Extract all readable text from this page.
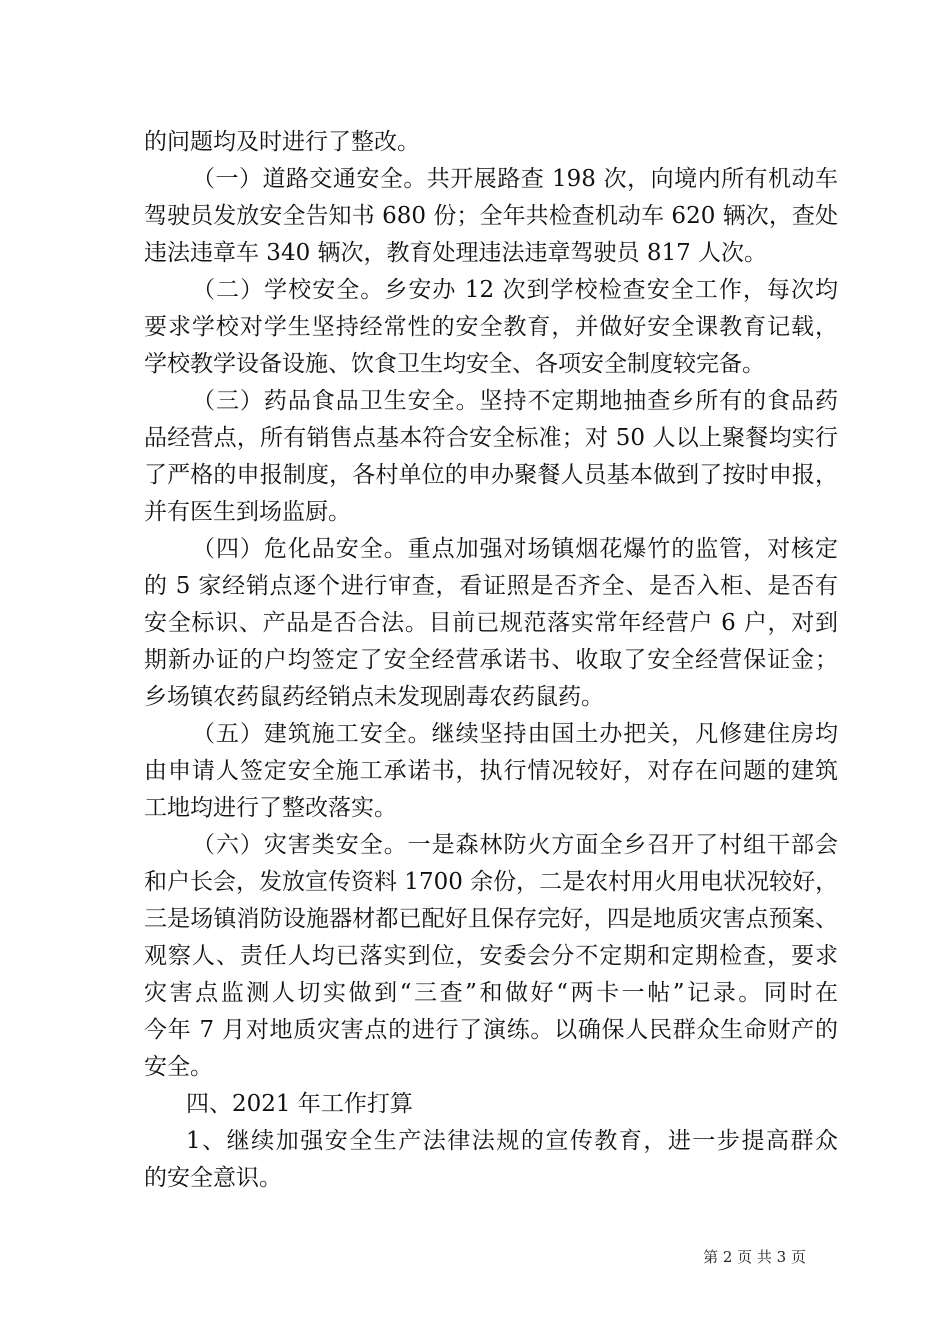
的问题均及时进行了整改。
（一）道路交通安全。共开展路查 198 次，向境内所有机动车
驾驶员发放安全告知书 680 份；全年共检查机动车 620 辆次，查处
违法违章车 340 辆次，教育处理违法违章驾驶员 817 人次。
（二）学校安全。乡安办 12 次到学校检查安全工作，每次均
要求学校对学生坚持经常性的安全教育，并做好安全课教育记载，
学校教学设备设施、饮食卫生均安全、各项安全制度较完备。
（三）药品食品卫生安全。坚持不定期地抽查乡所有的食品药
品经营点，所有销售点基本符合安全标准；对 50 人以上聚餐均实行
了严格的申报制度，各村单位的申办聚餐人员基本做到了按时申报，
并有医生到场监厨。
（四）危化品安全。重点加强对场镇烟花爆竹的监管，对核定
的 5 家经销点逐个进行审查，看证照是否齐全、是否入柜、是否有
安全标识、产品是否合法。目前已规范落实常年经营户 6 户，对到
期新办证的户均签定了安全经营承诺书、收取了安全经营保证金；
乡场镇农药鼠药经销点未发现剧毒农药鼠药。
（五）建筑施工安全。继续坚持由国土办把关，凡修建住房均
由申请人签定安全施工承诺书，执行情况较好，对存在问题的建筑
工地均进行了整改落实。
（六）灾害类安全。一是森林防火方面全乡召开了村组干部会
和户长会，发放宣传资料 1700 余份，二是农村用火用电状况较好，
三是场镇消防设施器材都已配好且保存完好，四是地质灾害点预案、
观察人、责任人均已落实到位，安委会分不定期和定期检查，要求
灾害点监测人切实做到“三查”和做好“两卡一帖”记录。同时在
今年 7 月对地质灾害点的进行了演练。以确保人民群众生命财产的
安全。
四、2021 年工作打算
1、继续加强安全生产法律法规的宣传教育，进一步提高群众
的安全意识。
第 2 页 共 3 页
